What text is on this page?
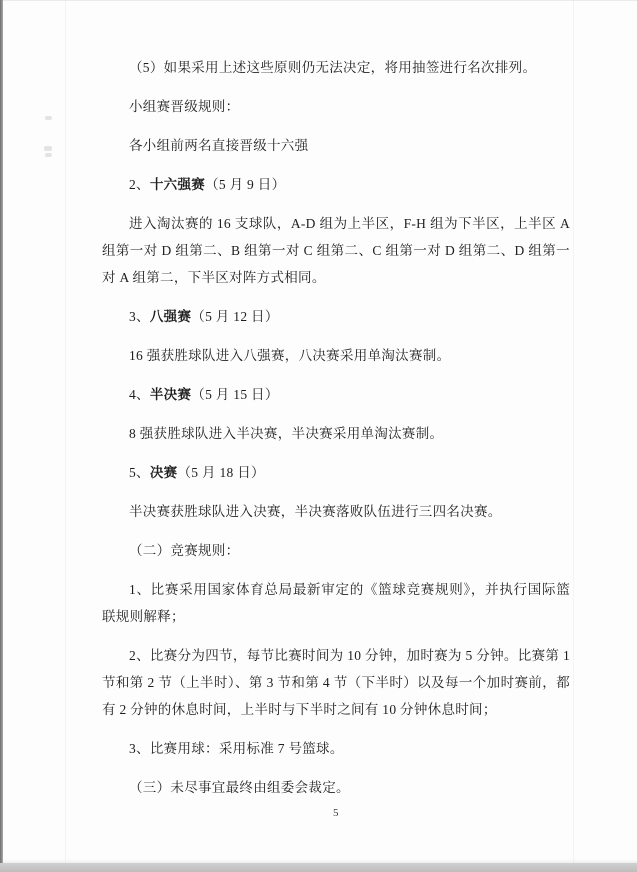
（5）如果采用上述这些原则仍无法决定，将用抽签进行名次排列。

小组赛晋级规则：

各小组前两名直接晋级十六强

2、十六强赛（5 月 9 日）

进入淘汰赛的 16 支球队，A-D 组为上半区，F-H 组为下半区，上半区 A 组第一对 D 组第二、B 组第一对 C 组第二、C 组第一对 D 组第二、D 组第一对 A 组第二，下半区对阵方式相同。

3、八强赛（5 月 12 日）

16 强获胜球队进入八强赛，八决赛采用单淘汰赛制。

4、半决赛（5 月 15 日）

8 强获胜球队进入半决赛，半决赛采用单淘汰赛制。

5、决赛（5 月 18 日）

半决赛获胜球队进入决赛，半决赛落败队伍进行三四名决赛。

（二）竞赛规则：

1、比赛采用国家体育总局最新审定的《篮球竞赛规则》，并执行国际篮联规则解释；

2、比赛分为四节，每节比赛时间为 10 分钟，加时赛为 5 分钟。比赛第 1 节和第 2 节（上半时）、第 3 节和第 4 节（下半时）以及每一个加时赛前，都有 2 分钟的休息时间，上半时与下半时之间有 10 分钟休息时间；

3、比赛用球：采用标准 7 号篮球。

（三）未尽事宜最终由组委会裁定。

5
